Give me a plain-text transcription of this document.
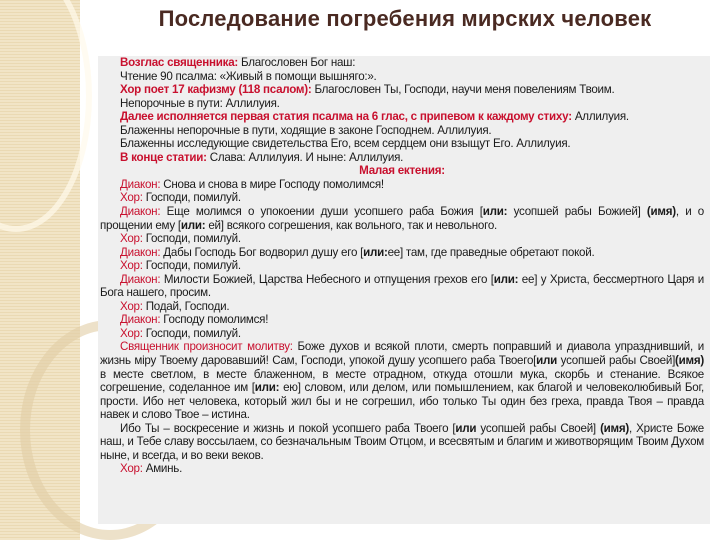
Последование погребения мирских человек

Возглас священника: Благословен Бог наш:

Чтение 90 псалма: «Живый в помощи вышняго:».

Хор поет 17 кафизму (118 псалом): Благословен Ты, Господи, научи меня повелениям Твоим.

Непорочные в пути: Аллилуия.

Далее исполняется первая статия псалма на 6 глас, с припевом к каждому стиху: Аллилуия.

Блаженны непорочные в пути, ходящие в законе Господнем. Аллилуия.

Блаженны исследующие свидетельства Его, всем сердцем они взыщут Его. Аллилуия.

В конце статии: Слава: Аллилуия. И ныне: Аллилуия.

Малая ектения:

Диакон: Снова и снова в мире Господу помолимся!

Хор: Господи, помилуй.

Диакон: Еще молимся о упокоении души усопшего раба Божия [или: усопшей рабы Божией] (имя), и о прощении ему [или: ей] всякого согрешения, как вольного, так и невольного.

Хор: Господи, помилуй.

Диакон: Дабы Господь Бог водворил душу его [или:ее] там, где праведные обретают покой.

Хор: Господи, помилуй.

Диакон: Милости Божией, Царства Небесного и отпущения грехов его [или: ее] у Христа, бессмертного Царя и Бога нашего, просим.

Хор: Подай, Господи.

Диакон: Господу помолимся!

Хор: Господи, помилуй.

Священник произносит молитву: Боже духов и всякой плоти, смерть поправший и диавола упразднивший, и жизнь міру Твоему даровавший! Сам, Господи, упокой душу усопшего раба Твоего[или усопшей рабы Своей](имя) в месте светлом, в месте блаженном, в месте отрадном, откуда отошли мука, скорбь и стенание. Всякое согрешение, соделанное им [или: ею] словом, или делом, или помышлением, как благой и человеколюбивый Бог, прости. Ибо нет человека, который жил бы и не согрешил, ибо только Ты один без греха, правда Твоя – правда навек и слово Твое – истина.

Ибо Ты – воскресение и жизнь и покой усопшего раба Твоего [или усопшей рабы Своей] (имя), Христе Боже наш, и Тебе славу воссылаем, со безначальным Твоим Отцом, и всесвятым и благим и животворящим Твоим Духом ныне, и всегда, и во веки веков.

Хор: Аминь.
